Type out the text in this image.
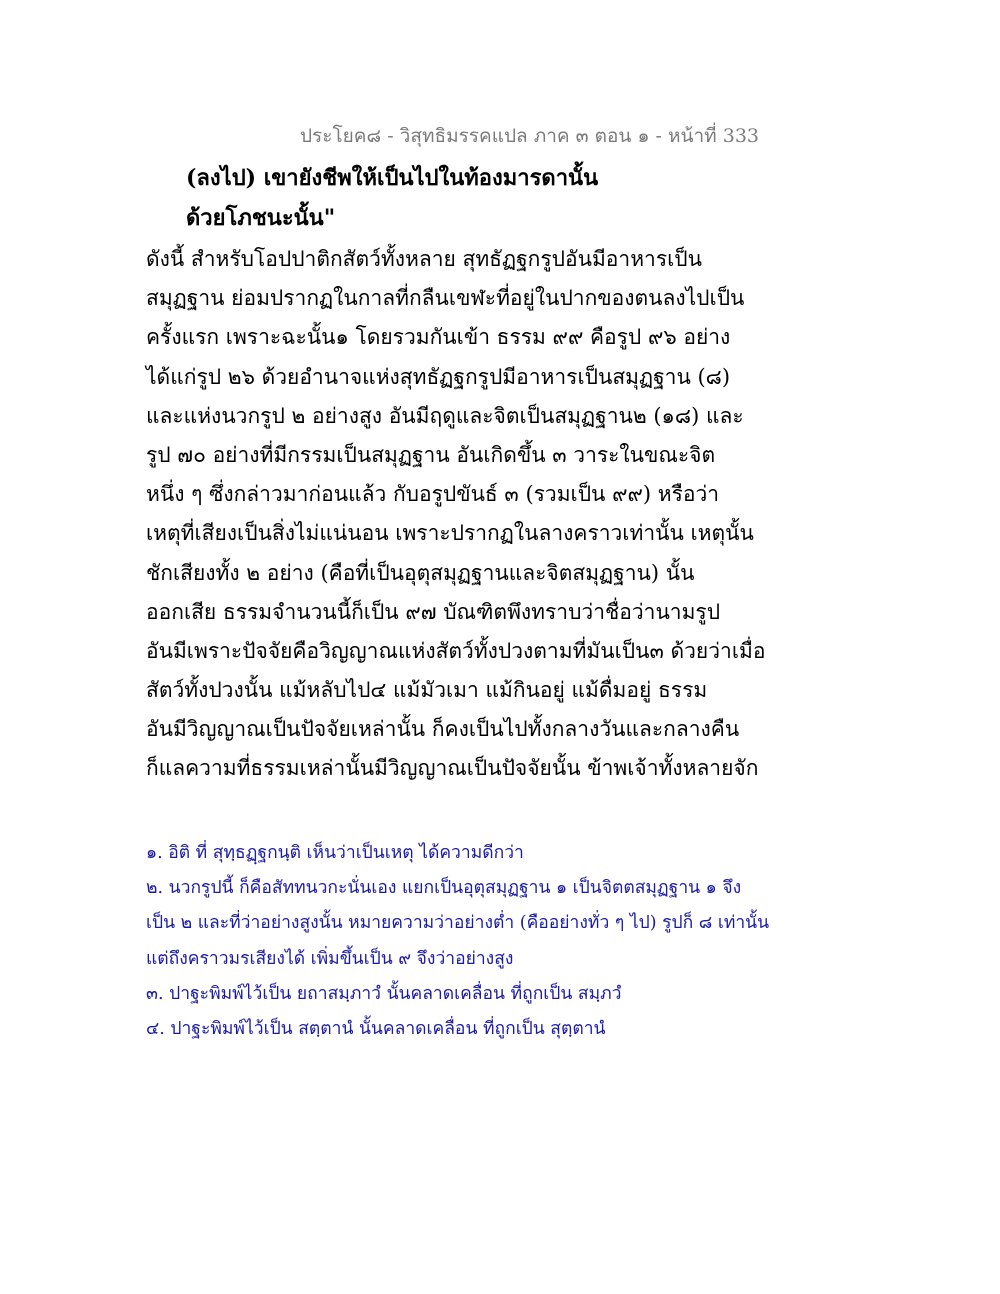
ประโยค๘ - วิสุทธิมรรคแปล ภาค ๓ ตอน ๑ - หน้าที่ 333
(ลงไป) เขายังชีพให้เป็นไปในท้องมารดานั้น
ด้วยโภชนะนั้น"
ดังนี้ สำหรับโอปปาติกสัตว์ทั้งหลาย สุทธัฏฐกรูปอันมีอาหารเป็น
สมุฏฐาน ย่อมปรากฏในกาลที่กลืนเขฬะที่อยู่ในปากของตนลงไปเป็น
ครั้งแรก เพราะฉะนั้น๑ โดยรวมกันเข้า ธรรม ๙๙ คือรูป ๙๖ อย่าง
ได้แก่รูป ๒๖ ด้วยอำนาจแห่งสุทธัฏฐกรูปมีอาหารเป็นสมุฏฐาน (๘)
และแห่งนวกรูป ๒ อย่างสูง อันมีฤดูและจิตเป็นสมุฏฐาน๒ (๑๘) และ
รูป ๗๐ อย่างที่มีกรรมเป็นสมุฏฐาน อันเกิดขึ้น ๓ วาระในขณะจิต
หนึ่ง ๆ ซึ่งกล่าวมาก่อนแล้ว กับอรูปขันธ์ ๓ (รวมเป็น ๙๙) หรือว่า
เหตุที่เสียงเป็นสิ่งไม่แน่นอน เพราะปรากฏในลางคราวเท่านั้น เหตุนั้น
ชักเสียงทั้ง ๒ อย่าง (คือที่เป็นอุตุสมุฏฐานและจิตสมุฏฐาน) นั้น
ออกเสีย ธรรมจำนวนนี้ก็เป็น ๙๗ บัณฑิตพึงทราบว่าชื่อว่านามรูป
อันมีเพราะปัจจัยคือวิญญาณแห่งสัตว์ทั้งปวงตามที่มันเป็น๓ ด้วยว่าเมื่อ
สัตว์ทั้งปวงนั้น แม้หลับไป๔ แม้มัวเมา แม้กินอยู่ แม้ดื่มอยู่ ธรรม
อันมีวิญญาณเป็นปัจจัยเหล่านั้น ก็คงเป็นไปทั้งกลางวันและกลางคืน
ก็แลความที่ธรรมเหล่านั้นมีวิญญาณเป็นปัจจัยนั้น ข้าพเจ้าทั้งหลายจัก
๑. อิติ ที่ สุทฺธฏฺฐกนฺติ เห็นว่าเป็นเหตุ ได้ความดีกว่า
๒. นวกรูปนี้ ก็คือสัททนวกะนั่นเอง แยกเป็นอุตุสมุฏฐาน ๑ เป็นจิตตสมุฏฐาน ๑ จึง
เป็น ๒ และที่ว่าอย่างสูงนั้น หมายความว่าอย่างต่ำ (คืออย่างทั่ว ๆ ไป) รูปก็ ๘ เท่านั้น
แต่ถึงคราวมรเสียงได้ เพิ่มขึ้นเป็น ๙ จึงว่าอย่างสูง
๓. ปาฐะพิมพ์ไว้เป็น ยถาสมฺภาวํ นั้นคลาดเคลื่อน ที่ถูกเป็น สมฺภวํ
๔. ปาฐะพิมพ์ไว้เป็น สตฺตานํ นั้นคลาดเคลื่อน ที่ถูกเป็น สุตฺตานํ
